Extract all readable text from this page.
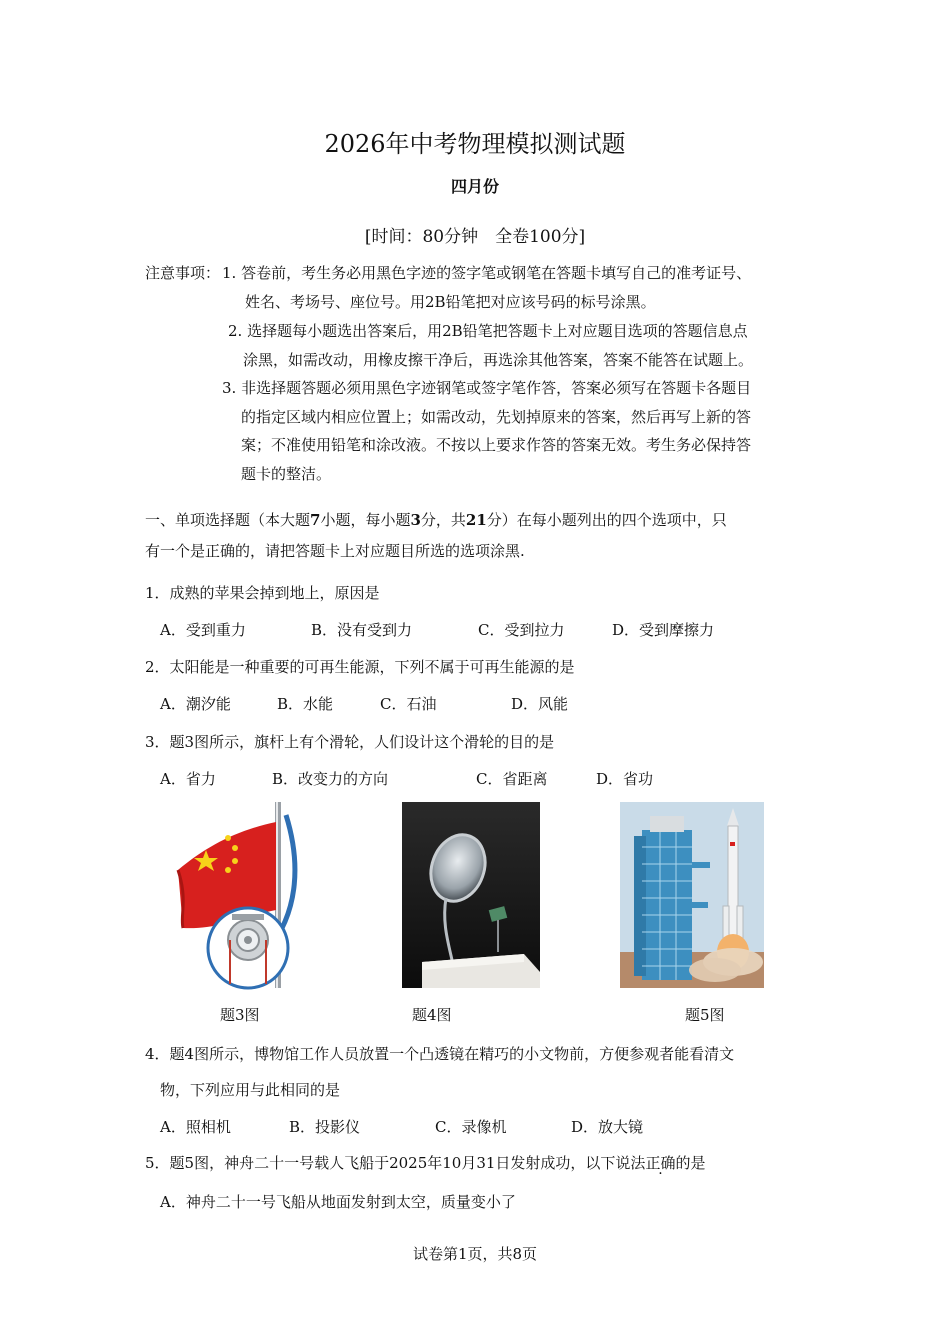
2026年中考物理模拟测试题
四月份
[时间：80分钟　全卷100分]
注意事项： 1. 答卷前，考生务必用黑色字迹的签字笔或钢笔在答题卡填写自己的准考证号、
姓名、考场号、座位号。用2B铅笔把对应该号码的标号涂黑。
2. 选择题每小题选出答案后，用2B铅笔把答题卡上对应题目选项的答题信息点
涂黑，如需改动，用橡皮擦干净后，再选涂其他答案，答案不能答在试题上。
3. 非选择题答题必须用黑色字迹钢笔或签字笔作答，答案必须写在答题卡各题目
的指定区域内相应位置上；如需改动，先划掉原来的答案，然后再写上新的答
案；不准使用铅笔和涂改液。不按以上要求作答的答案无效。考生务必保持答
题卡的整洁。
一、单项选择题（本大题7小题，每小题3分，共21分）在每小题列出的四个选项中，只
有一个是正确的，请把答题卡上对应题目所选的选项涂黑.
1．成熟的苹果会掉到地上，原因是
A．受到重力	B．没有受到力	C．受到拉力	D．受到摩擦力
2．太阳能是一种重要的可再生能源，下列不属于可再生能源的是
A．潮汐能	B．水能	C．石油	D．风能
3．题3图所示，旗杆上有个滑轮，人们设计这个滑轮的目的是
A．省力	B．改变力的方向	C．省距离	D．省功
题3图	题4图	题5图
4．题4图所示，博物馆工作人员放置一个凸透镜在精巧的小文物前，方便参观者能看清文
物，下列应用与此相同的是
A．照相机	B．投影仪	C．录像机	D．放大镜
5．题5图，神舟二十一号载人飞船于2025年10月31日发射成功，以下说法正确的是
A．神舟二十一号飞船从地面发射到太空，质量变小了
试卷第1页，共8页
